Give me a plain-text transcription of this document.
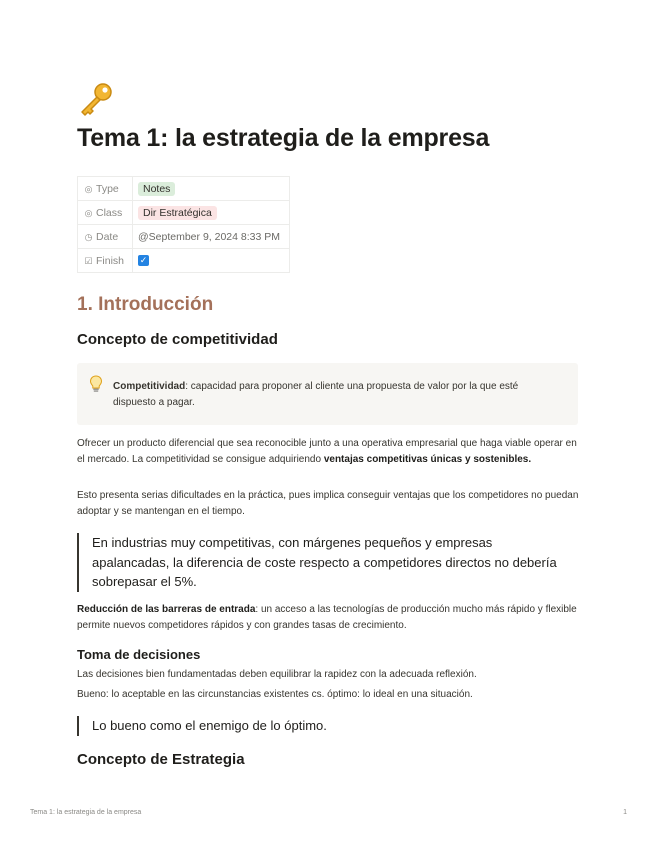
Tema 1: la estrategia de la empresa
◎ Type	Notes
◎ Class	Dir Estratégica
◷ Date	@September 9, 2024 8:33 PM
☑ Finish	✓
1. Introducción
Concepto de competitividad

Competitividad: capacidad para proponer al cliente una propuesta de valor por la que esté dispuesto a pagar.

Ofrecer un producto diferencial que sea reconocible junto a una operativa empresarial que haga viable operar en el mercado. La competitividad se consigue adquiriendo ventajas competitivas únicas y sostenibles.

Esto presenta serias dificultades en la práctica, pues implica conseguir ventajas que los competidores no puedan adoptar y se mantengan en el tiempo.

En industrias muy competitivas, con márgenes pequeños y empresas apalancadas, la diferencia de coste respecto a competidores directos no debería sobrepasar el 5%.

Reducción de las barreras de entrada: un acceso a las tecnologías de producción mucho más rápido y flexible permite nuevos competidores rápidos y con grandes tasas de crecimiento.

Toma de decisiones

Las decisiones bien fundamentadas deben equilibrar la rapidez con la adecuada reflexión.

Bueno: lo aceptable en las circunstancias existentes cs. óptimo: lo ideal en una situación.

Lo bueno como el enemigo de lo óptimo.
Concepto de Estrategia
Tema 1: la estrategia de la empresa	1
